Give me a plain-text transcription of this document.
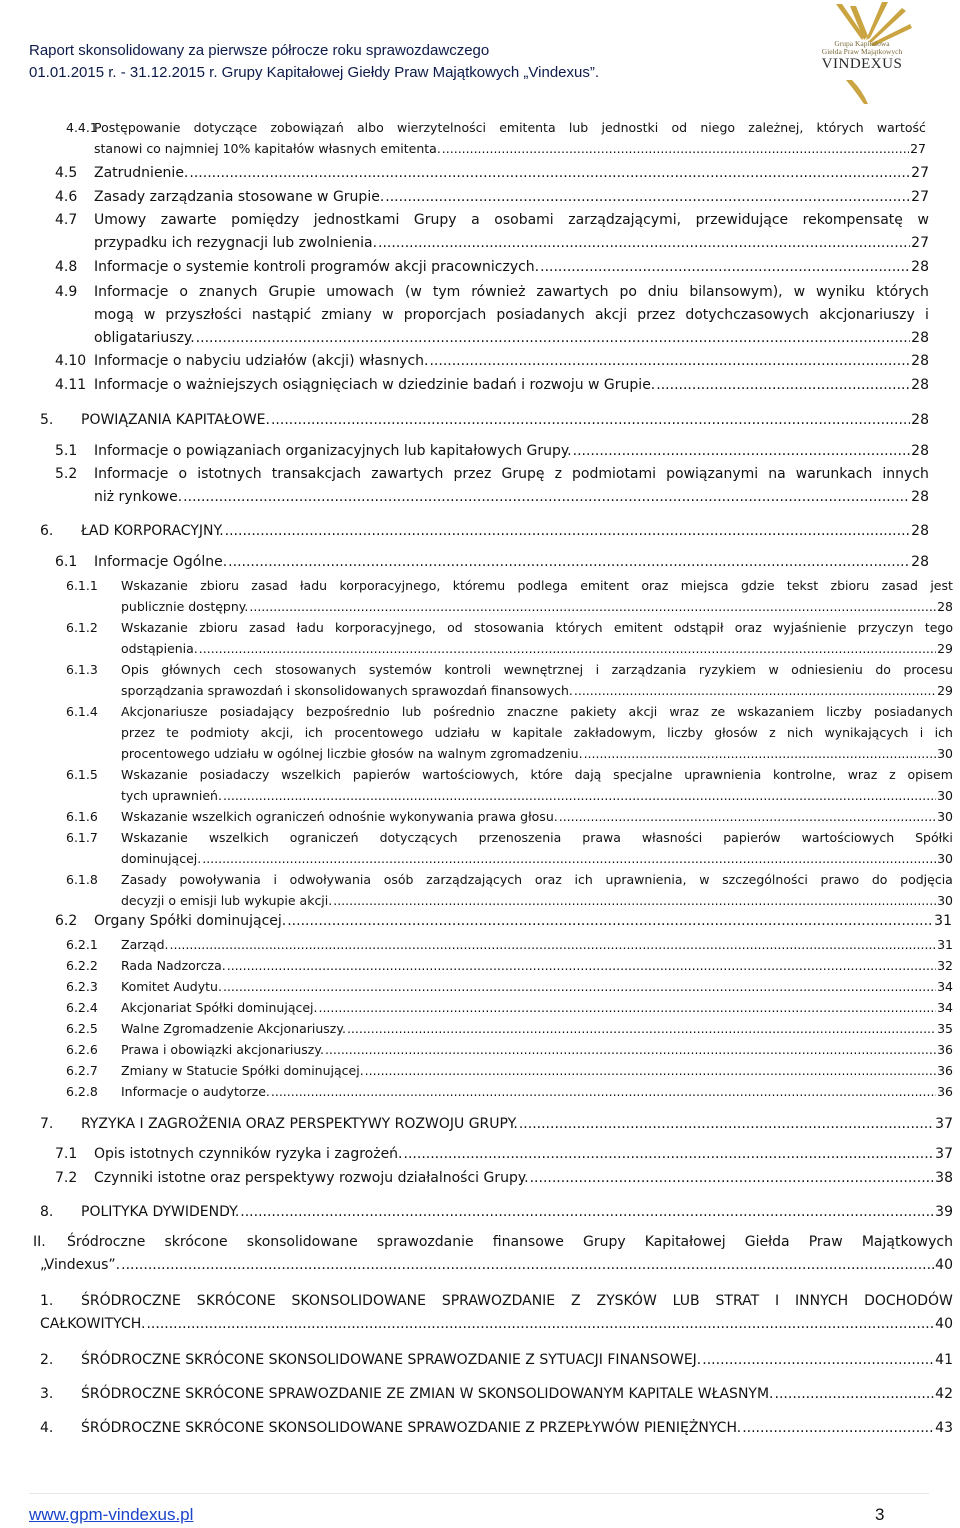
Raport skonsolidowany za pierwsze półrocze roku sprawozdawczego
01.01.2015 r. - 31.12.2015 r. Grupy Kapitałowej Giełdy Praw Majątkowych „Vindexus”.
Grupa Kapitałowa
Giełda Praw Majątkowych
VINDEXUS
4.4.1
Postępowanie dotyczące zobowiązań albo wierzytelności emitenta lub jednostki od niego zależnej, których wartość
stanowi co najmniej 10% kapitałów własnych emitenta. .....	27
4.5 Zatrudnienie. .....	27
4.6 Zasady zarządzania stosowane w Grupie. .....	27
4.7 Umowy zawarte pomiędzy jednostkami Grupy a osobami zarządzającymi, przewidujące rekompensatę w
przypadku ich rezygnacji lub zwolnienia. .....	27
4.8 Informacje o systemie kontroli programów akcji pracowniczych. .....	28
4.9 Informacje o znanych Grupie umowach (w tym również zawartych po dniu bilansowym), w wyniku których
mogą w przyszłości nastąpić zmiany w proporcjach posiadanych akcji przez dotychczasowych akcjonariuszy i
obligatariuszy. .....	28
4.10 Informacje o nabyciu udziałów (akcji) własnych. .....	28
4.11 Informacje o ważniejszych osiągnięciach w dziedzinie badań i rozwoju w Grupie. .....	28
5. POWIĄZANIA KAPITAŁOWE. .....	28
5.1 Informacje o powiązaniach organizacyjnych lub kapitałowych Grupy. .....	28
5.2 Informacje o istotnych transakcjach zawartych przez Grupę z podmiotami powiązanymi na warunkach innych
niż rynkowe. .....	28
6. ŁAD KORPORACYJNY. .....	28
6.1 Informacje Ogólne. .....	28
6.1.1 Wskazanie zbioru zasad ładu korporacyjnego, któremu podlega emitent oraz miejsca gdzie tekst zbioru zasad jest
publicznie dostępny. .....	28
6.1.2 Wskazanie zbioru zasad ładu korporacyjnego, od stosowania których emitent odstąpił oraz wyjaśnienie przyczyn tego
odstąpienia. .....	29
6.1.3 Opis głównych cech stosowanych systemów kontroli wewnętrznej i zarządzania ryzykiem w odniesieniu do procesu
sporządzania sprawozdań i skonsolidowanych sprawozdań finansowych. .....	29
6.1.4 Akcjonariusze posiadający bezpośrednio lub pośrednio znaczne pakiety akcji wraz ze wskazaniem liczby posiadanych
przez te podmioty akcji, ich procentowego udziału w kapitale zakładowym, liczby głosów z nich wynikających i ich
procentowego udziału w ogólnej liczbie głosów na walnym zgromadzeniu. .....	30
6.1.5 Wskazanie posiadaczy wszelkich papierów wartościowych, które dają specjalne uprawnienia kontrolne, wraz z opisem
tych uprawnień. .....	30
6.1.6 Wskazanie wszelkich ograniczeń odnośnie wykonywania prawa głosu. .....	30
6.1.7 Wskazanie wszelkich ograniczeń dotyczących przenoszenia prawa własności papierów wartościowych Spółki
dominującej. .....	30
6.1.8 Zasady powoływania i odwoływania osób zarządzających oraz ich uprawnienia, w szczególności prawo do podjęcia
decyzji o emisji lub wykupie akcji. .....	30
6.2 Organy Spółki dominującej. .....	31
6.2.1 Zarząd. .....	31
6.2.2 Rada Nadzorcza. .....	32
6.2.3 Komitet Audytu. .....	34
6.2.4 Akcjonariat Spółki dominującej. .....	34
6.2.5 Walne Zgromadzenie Akcjonariuszy. .....	35
6.2.6 Prawa i obowiązki akcjonariuszy. .....	36
6.2.7 Zmiany w Statucie Spółki dominującej. .....	36
6.2.8 Informacje o audytorze. .....	36
7. RYZYKA I ZAGROŻENIA ORAZ PERSPEKTYWY ROZWOJU GRUPY. .....	37
7.1 Opis istotnych czynników ryzyka i zagrożeń. .....	37
7.2 Czynniki istotne oraz perspektywy rozwoju działalności Grupy. .....	38
8. POLITYKA DYWIDENDY. .....	39
II. Śródroczne skrócone skonsolidowane sprawozdanie finansowe Grupy Kapitałowej Giełda Praw Majątkowych
„Vindexus”. .....	40
1. ŚRÓDROCZNE SKRÓCONE SKONSOLIDOWANE SPRAWOZDANIE Z ZYSKÓW LUB STRAT I INNYCH DOCHODÓW
CAŁKOWITYCH. .....	40
2. ŚRÓDROCZNE SKRÓCONE SKONSOLIDOWANE SPRAWOZDANIE Z SYTUACJI FINANSOWEJ. .....	41
3. ŚRÓDROCZNE SKRÓCONE SPRAWOZDANIE ZE ZMIAN W SKONSOLIDOWANYM KAPITALE WŁASNYM. .....	42
4. ŚRÓDROCZNE SKRÓCONE SKONSOLIDOWANE SPRAWOZDANIE Z PRZEPŁYWÓW PIENIĘŻNYCH. .....	43
www.gpm-vindexus.pl	3
